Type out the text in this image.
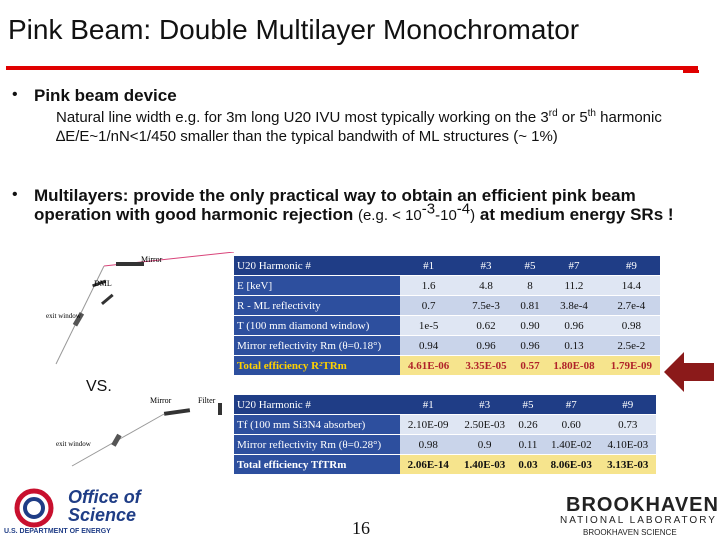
Pink Beam: Double Multilayer Monochromator
• Pink beam device
Natural line width e.g. for 3m long U20 IVU most typically working on the 3rd or 5th harmonic ∆E/E~1/nN<1/450 smaller than the typical bandwith of ML structures (~ 1%)
• Multilayers: provide the only practical way to obtain an efficient pink beam operation with good harmonic rejection (e.g. < $10^{-3}-10^{-4}$) at medium energy SRs !
Mirror
DML
exit window
U20 Harmonic #	#1	#3	#5	#7	#9
E [keV]	1.6	4.8	8	11.2	14.4
R - ML reflectivity	0.7	7.5e-3	0.81	3.8e-4	2.7e-4
T (100 mm diamond window)	1e-5	0.62	0.90	0.96	0.98
Mirror reflectivity Rm (θ=0.18°)	0.94	0.96	0.96	0.13	2.5e-2
Total efficiency R²TRm	4.61E-06	3.35E-05	0.57	1.80E-08	1.79E-09
VS.
Mirror	Filter
exit window
U20 Harmonic #	#1	#3	#5	#7	#9
Tf (100 mm Si3N4 absorber)	2.10E-09	2.50E-03	0.26	0.60	0.73
Mirror reflectivity Rm (θ=0.28°)	0.98	0.9	0.11	1.40E-02	4.10E-03
Total efficiency TfTRm	2.06E-14	1.40E-03	0.03	8.06E-03	3.13E-03
Office of
Science
U.S. DEPARTMENT OF ENERGY	16
BROOKHAVEN
NATIONAL LABORATORY
BROOKHAVEN SCIENCE
